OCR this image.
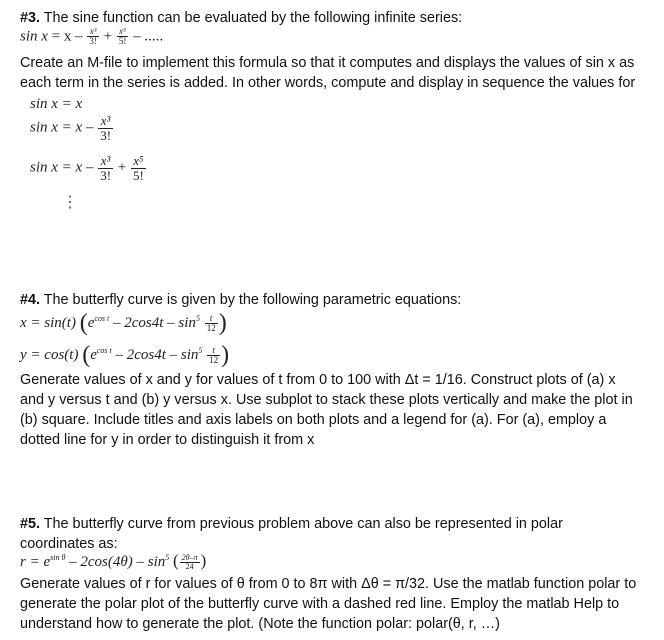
#3. The sine function can be evaluated by the following infinite series:
$\sin x = x - \frac{\text{x³}}{3!} + \frac{\text{x⁵}}{5!}$ – .....
Create an M-file to implement this formula so that it computes and displays the values of sin x as
each term in the series is added. In other words, compute and display in sequence the values for
sin x = x
$\sin x = x - \frac{\text{x³}}{3!}$
$\sin x = x - \frac{\text{x³}}{3!} + \frac{\text{x⁵}}{5!}$
⋮
#4. The butterfly curve is given by the following parametric equations:
x = sin(t) ($e^{cos t} - 2\cos 4t - \sin^5 \frac{t}{12}$ )
y = cos(t) ($e^{cos t} - 2\cos 4t - \sin^5 \frac{t}{12}$ )
Generate values of x and y for values of t from 0 to 100 with Δt = 1/16. Construct plots of (a) x
and y versus t and (b) y versus x. Use subplot to stack these plots vertically and make the plot in
(b) square. Include titles and axis labels on both plots and a legend for (a). For (a), employ a
dotted line for y in order to distinguish it from x
#5. The butterfly curve from previous problem above can also be represented in polar
coordinates as:
$r = e^{sin \theta} - 2\cos(4\theta) - \sin^5$ ( $\frac{2\theta-\pi}{24}$ )
Generate values of r for values of θ from 0 to 8π with Δθ = π/32. Use the matlab function polar to
generate the polar plot of the butterfly curve with a dashed red line. Employ the matlab Help to
understand how to generate the plot. (Note the function polar: polar(θ, r, …)
